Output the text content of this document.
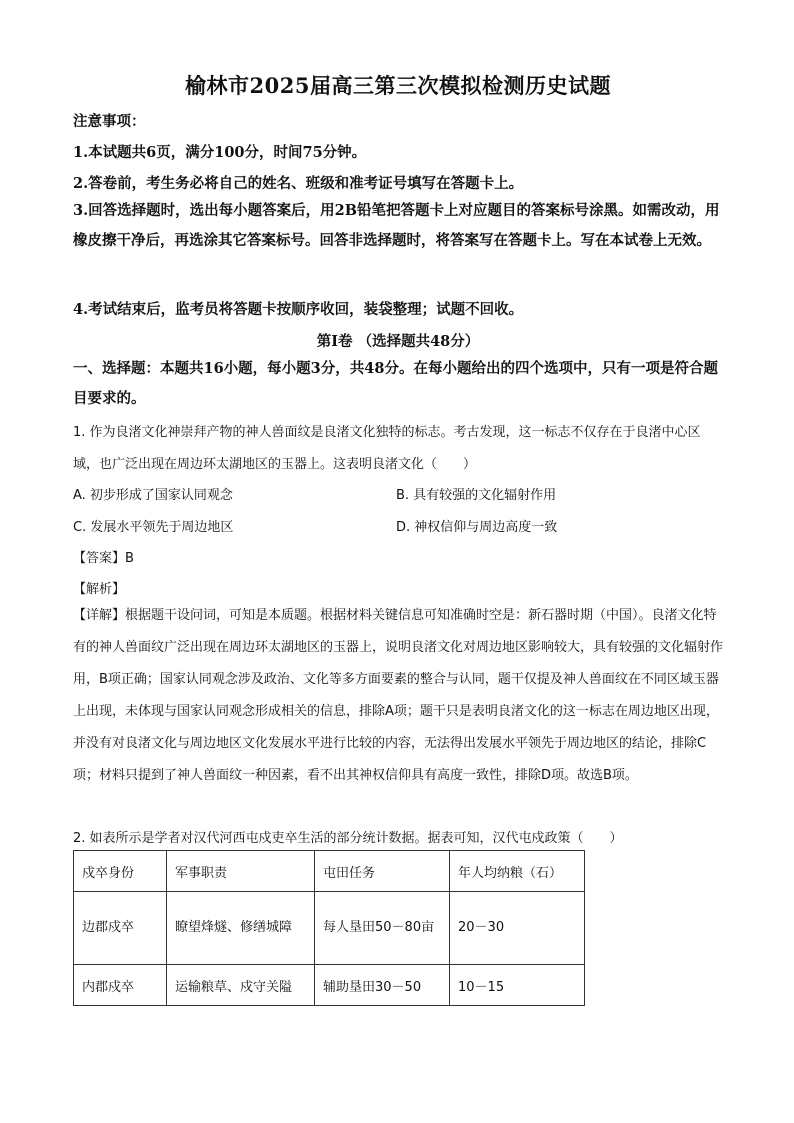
榆林市2025届高三第三次模拟检测历史试题
注意事项：
1.本试题共6页，满分100分，时间75分钟。
2.答卷前，考生务必将自己的姓名、班级和准考证号填写在答题卡上。
3.回答选择题时，选出每小题答案后，用2B铅笔把答题卡上对应题目的答案标号涂黑。如需改动，用橡皮擦干净后，再选涂其它答案标号。回答非选择题时，将答案写在答题卡上。写在本试卷上无效。
4.考试结束后，监考员将答题卡按顺序收回，装袋整理；试题不回收。
第Ⅰ卷 （选择题共48分）
一、选择题：本题共16小题，每小题3分，共48分。在每小题给出的四个选项中，只有一项是符合题目要求的。
1. 作为良渚文化神崇拜产物的神人兽面纹是良渚文化独特的标志。考古发现，这一标志不仅存在于良渚中心区域，也广泛出现在周边环太湖地区的玉器上。这表明良渚文化（　　）
A. 初步形成了国家认同观念	B. 具有较强的文化辐射作用
C. 发展水平领先于周边地区	D. 神权信仰与周边高度一致
【答案】B
【解析】
【详解】根据题干设问词，可知是本质题。根据材料关键信息可知准确时空是：新石器时期（中国）。良渚文化特有的神人兽面纹广泛出现在周边环太湖地区的玉器上，说明良渚文化对周边地区影响较大，具有较强的文化辐射作用，B项正确；国家认同观念涉及政治、文化等多方面要素的整合与认同，题干仅提及神人兽面纹在不同区域玉器上出现，未体现与国家认同观念形成相关的信息，排除A项；题干只是表明良渚文化的这一标志在周边地区出现，并没有对良渚文化与周边地区文化发展水平进行比较的内容，无法得出发展水平领先于周边地区的结论，排除C项；材料只提到了神人兽面纹一种因素，看不出其神权信仰具有高度一致性，排除D项。故选B项。
2. 如表所示是学者对汉代河西屯戍吏卒生活的部分统计数据。据表可知，汉代屯戍政策（　　）
戍卒身份	军事职责	屯田任务	年人均纳粮（石）
边郡戍卒	瞭望烽燧、修缮城障	每人垦田50－80亩	20－30
内郡戍卒	运输粮草、戍守关隘	辅助垦田30－50	10－15
